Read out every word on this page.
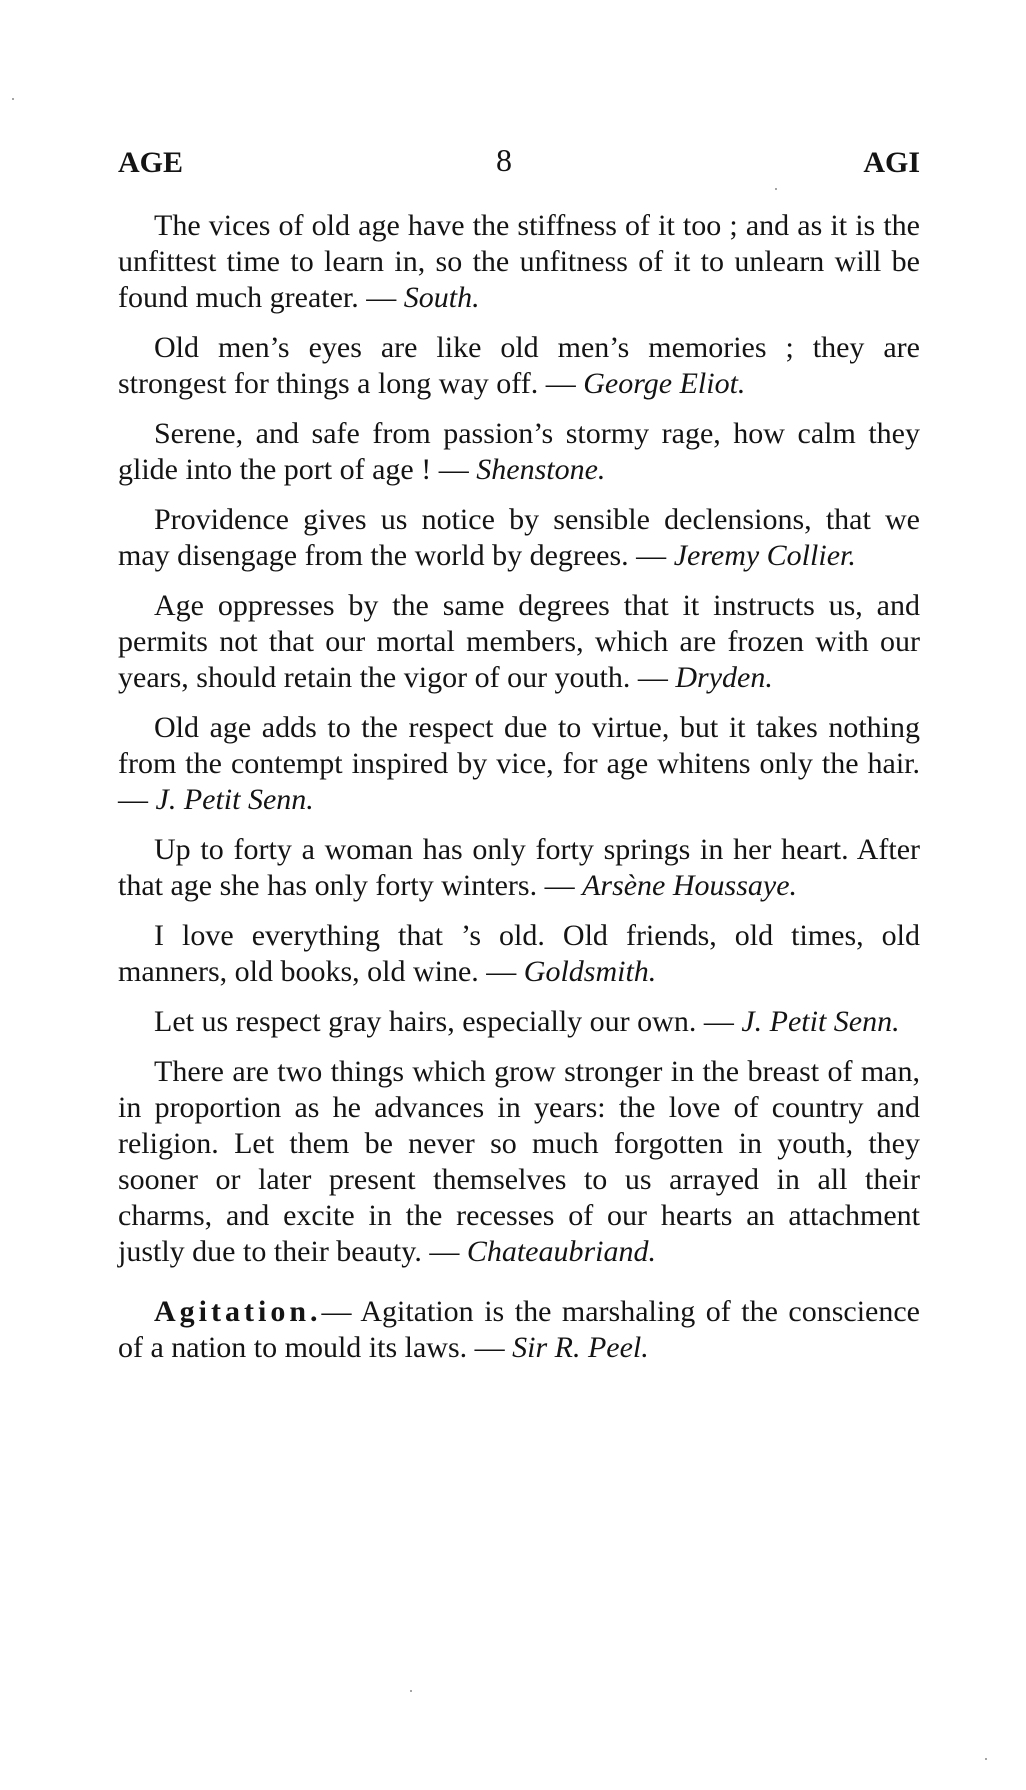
AGE	8	AGI

The vices of old age have the stiffness of it too ; and as it is the unfittest time to learn in, so the unfitness of it to unlearn will be found much greater. — South.

Old men’s eyes are like old men’s memories ; they are strongest for things a long way off. — George Eliot.

Serene, and safe from passion’s stormy rage, how calm they glide into the port of age ! — Shenstone.

Providence gives us notice by sensible declensions, that we may disengage from the world by degrees. — Jeremy Collier.

Age oppresses by the same degrees that it instructs us, and permits not that our mortal members, which are frozen with our years, should retain the vigor of our youth. — Dryden.

Old age adds to the respect due to virtue, but it takes nothing from the contempt inspired by vice, for age whitens only the hair. — J. Petit Senn.

Up to forty a woman has only forty springs in her heart. After that age she has only forty winters. — Arsène Houssaye.

I love everything that ’s old. Old friends, old times, old manners, old books, old wine. — Goldsmith.

Let us respect gray hairs, especially our own. — J. Petit Senn.

There are two things which grow stronger in the breast of man, in proportion as he advances in years: the love of country and religion. Let them be never so much forgotten in youth, they sooner or later present themselves to us arrayed in all their charms, and excite in the recesses of our hearts an attachment justly due to their beauty. — Chateaubriand.

Agitation.— Agitation is the marshaling of the conscience of a nation to mould its laws. — Sir R. Peel.
